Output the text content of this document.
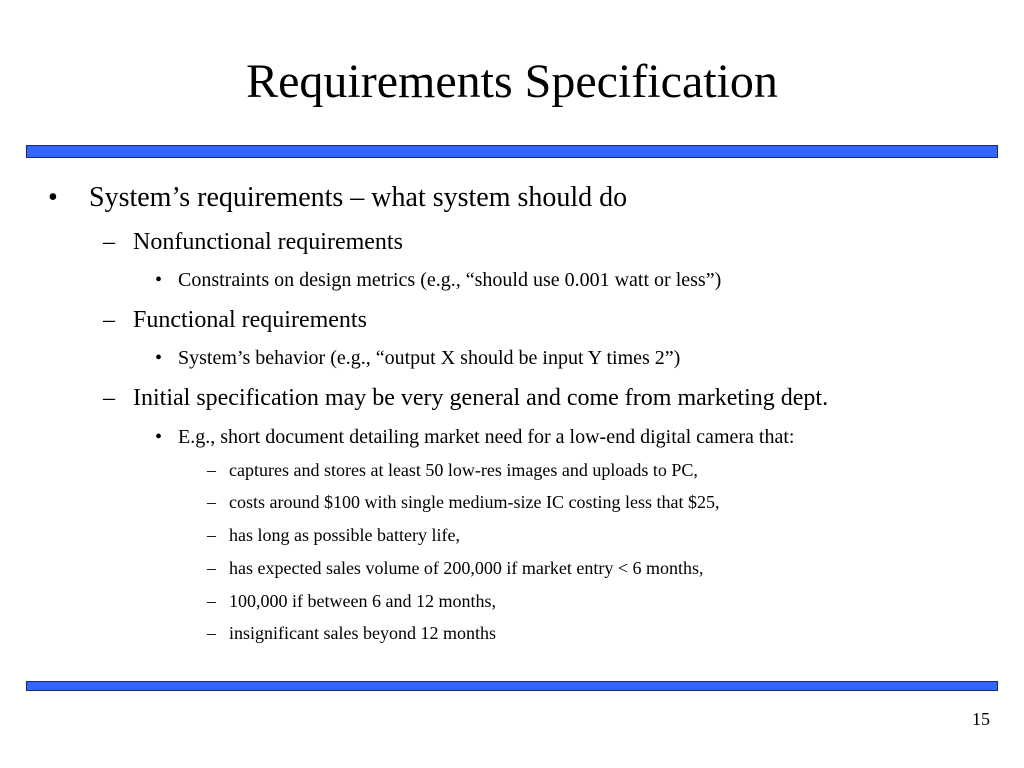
Requirements Specification
• System’s requirements – what system should do
– Nonfunctional requirements
• Constraints on design metrics (e.g., “should use 0.001 watt or less”)
– Functional requirements
• System’s behavior (e.g., “output X should be input Y times 2”)
– Initial specification may be very general and come from marketing dept.
• E.g., short document detailing market need for a low-end digital camera that:
– captures and stores at least 50 low-res images and uploads to PC,
– costs around $100 with single medium-size IC costing less that $25,
– has long as possible battery life,
– has expected sales volume of 200,000 if market entry < 6 months,
– 100,000 if between 6 and 12 months,
– insignificant sales beyond 12 months
15
